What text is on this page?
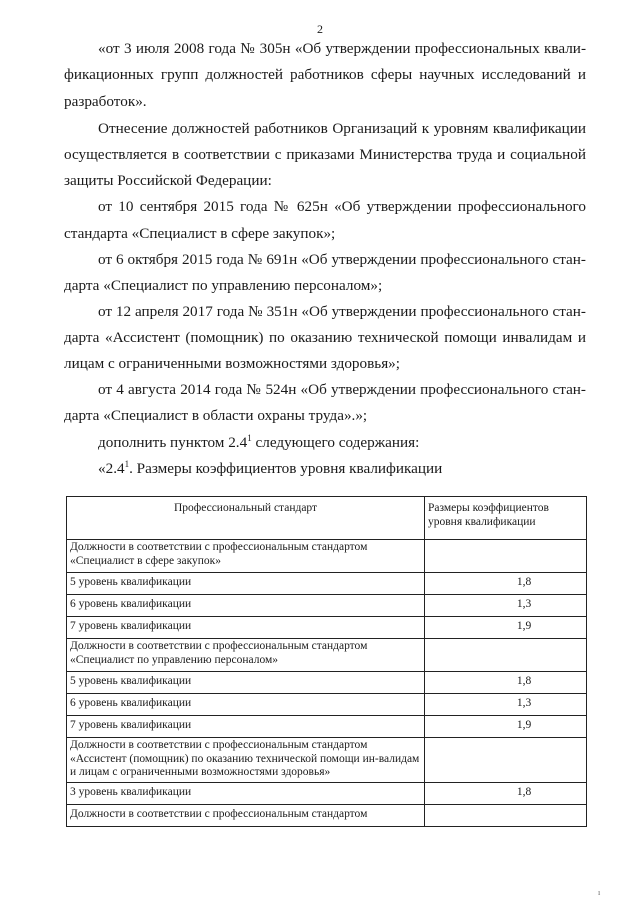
2
«от 3 июля 2008 года № 305н «Об утверждении профессиональных квали-
фикационных групп должностей работников сферы научных исследований и
разработок».
Отнесение должностей работников Организаций к уровням квалификации
осуществляется в соответствии с приказами Министерства труда и социальной
защиты Российской Федерации:
от 10 сентября 2015 года № 625н «Об утверждении профессионального
стандарта «Специалист в сфере закупок»;
от 6 октября 2015 года № 691н «Об утверждении профессионального стан-
дарта «Специалист по управлению персоналом»;
от 12 апреля 2017 года № 351н «Об утверждении профессионального стан-
дарта «Ассистент (помощник) по оказанию технической помощи инвалидам и
лицам с ограниченными возможностями здоровья»;
от 4 августа 2014 года № 524н «Об утверждении профессионального стан-
дарта «Специалист в области охраны труда».»;
дополнить пунктом $2.4^1$ следующего содержания:
«$2.4^1$. Размеры коэффициентов уровня квалификации
Профессиональный стандарт	Размеры коэффициентов уровня квалификации
Должности в соответствии с профессиональным стандартом «Специалист в сфере закупок»	
5 уровень квалификации	1,8
6 уровень квалификации	1,3
7 уровень квалификации	1,9
Должности в соответствии с профессиональным стандартом «Специалист по управлению персоналом»	
5 уровень квалификации	1,8
6 уровень квалификации	1,3
7 уровень квалификации	1,9
Должности в соответствии с профессиональным стандартом «Ассистент (помощник) по оказанию технической помощи ин-валидам и лицам с ограниченными возможностями здоровья»	
3 уровень квалификации	1,8
Должности в соответствии с профессиональным стандартом	
ı
